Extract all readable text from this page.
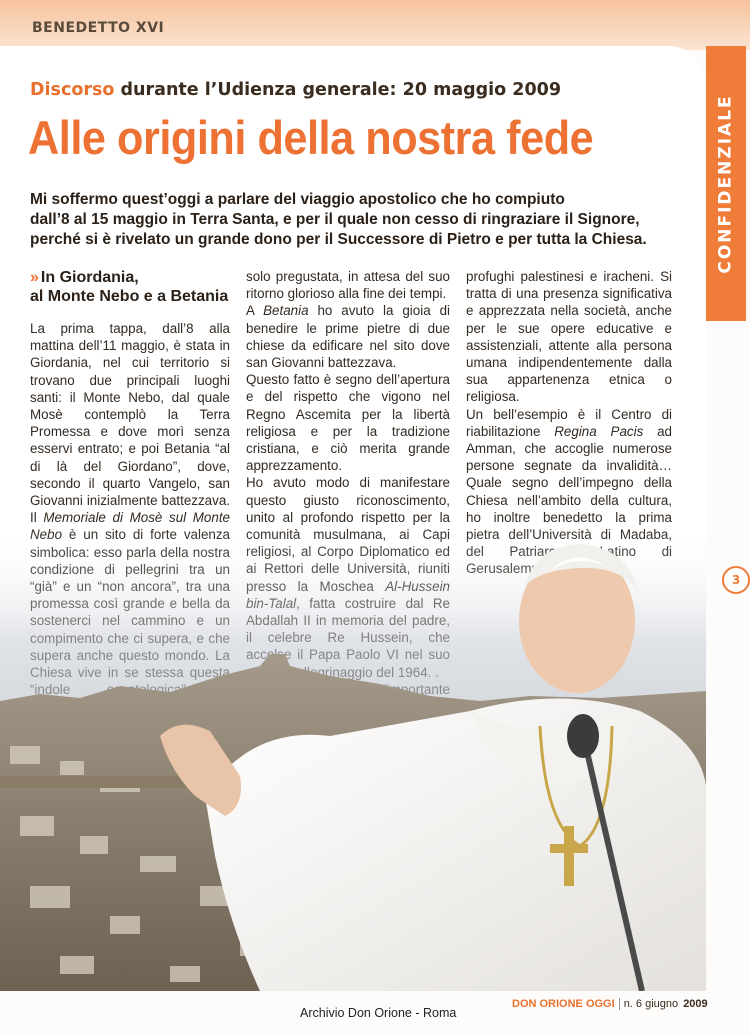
BENEDETTO XVI
CONFIDENZIALE
Discorso durante l’Udienza generale: 20 maggio 2009
Alle origini della nostra fede

Mi soffermo quest’oggi a parlare del viaggio apostolico che ho compiuto

dall’8 al 15 maggio in Terra Santa, e per il quale non cesso di ringraziare il Signore,

perché si è rivelato un grande dono per il Successore di Pietro e per tutta la Chiesa.

» In Giordania,
al Monte Nebo e a Betania

La prima tappa, dall’8 alla mattina dell’11 maggio, è stata in Giordania, nel cui territorio si trovano due principali luoghi santi: il Monte Nebo, dal quale Mosè contemplò la Terra Promessa e dove morì senza esservi entrato; e poi Betania “al di là del Giordano”, dove, secondo il quarto Vangelo, san Giovanni inizialmente battezzava. Il Memoriale di Mosè sul Monte

solo pregustata, in attesa del suo ritorno glorioso alla fine dei tempi.

A Betania ho avuto la gioia di benedire le prime pietre di due chiese da edificare nel sito dove san Giovanni battezzava.

Questo fatto è segno dell’apertura e del rispetto che vigono nel Regno Ascemita per la libertà religiosa e per la tradizione cristiana, e ciò merita grande apprezzamento.

Ho avuto modo di manifestare questo giusto riconoscimento, unito al profondo rispetto per la

profughi palestinesi e iracheni. Si tratta di una presenza significativa e apprezzata nella società, anche per le sue opere educative e assistenziali, attente alla persona umana indipendentemente dalla sua appartenenza etnica o religiosa.

Un bell’esempio è il Centro di riabilitazione Regina Pacis ad Amman, che accoglie numerose persone segnate da invalidità… Quale segno dell’impegno della Chiesa nell’ambito della cultura, ho inoltre benedetto la prima

3
DON ORIONE OGGI n. 6 giugno 2009
Archivio Don Orione - Roma
